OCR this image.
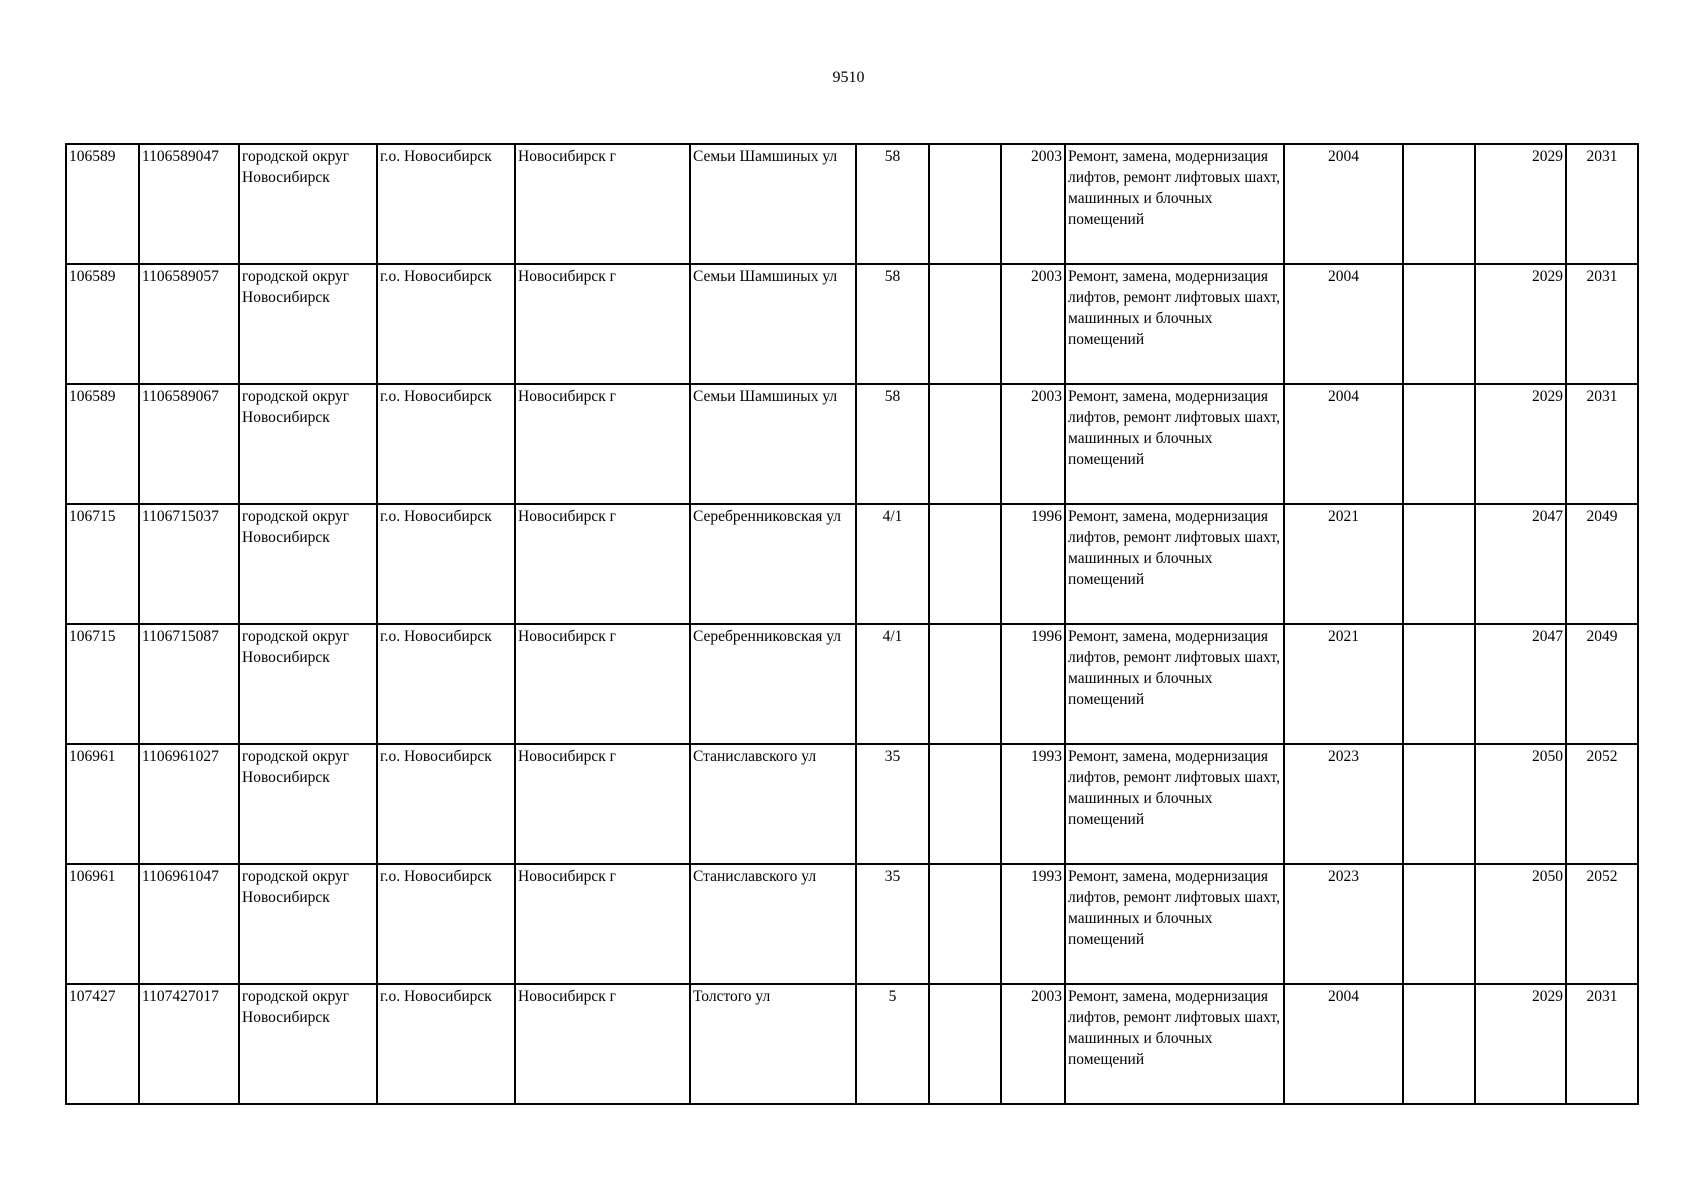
9510
106589	1106589047	городской округ Новосибирск	г.о. Новосибирск	Новосибирск г	Семьи Шамшиных ул	58		2003	Ремонт, замена, модернизация лифтов, ремонт лифтовых шахт, машинных и блочных помещений	2004		2029	2031
106589	1106589057	городской округ Новосибирск	г.о. Новосибирск	Новосибирск г	Семьи Шамшиных ул	58		2003	Ремонт, замена, модернизация лифтов, ремонт лифтовых шахт, машинных и блочных помещений	2004		2029	2031
106589	1106589067	городской округ Новосибирск	г.о. Новосибирск	Новосибирск г	Семьи Шамшиных ул	58		2003	Ремонт, замена, модернизация лифтов, ремонт лифтовых шахт, машинных и блочных помещений	2004		2029	2031
106715	1106715037	городской округ Новосибирск	г.о. Новосибирск	Новосибирск г	Серебренниковская ул	4/1		1996	Ремонт, замена, модернизация лифтов, ремонт лифтовых шахт, машинных и блочных помещений	2021		2047	2049
106715	1106715087	городской округ Новосибирск	г.о. Новосибирск	Новосибирск г	Серебренниковская ул	4/1		1996	Ремонт, замена, модернизация лифтов, ремонт лифтовых шахт, машинных и блочных помещений	2021		2047	2049
106961	1106961027	городской округ Новосибирск	г.о. Новосибирск	Новосибирск г	Станиславского ул	35		1993	Ремонт, замена, модернизация лифтов, ремонт лифтовых шахт, машинных и блочных помещений	2023		2050	2052
106961	1106961047	городской округ Новосибирск	г.о. Новосибирск	Новосибирск г	Станиславского ул	35		1993	Ремонт, замена, модернизация лифтов, ремонт лифтовых шахт, машинных и блочных помещений	2023		2050	2052
107427	1107427017	городской округ Новосибирск	г.о. Новосибирск	Новосибирск г	Толстого ул	5		2003	Ремонт, замена, модернизация лифтов, ремонт лифтовых шахт, машинных и блочных помещений	2004		2029	2031
